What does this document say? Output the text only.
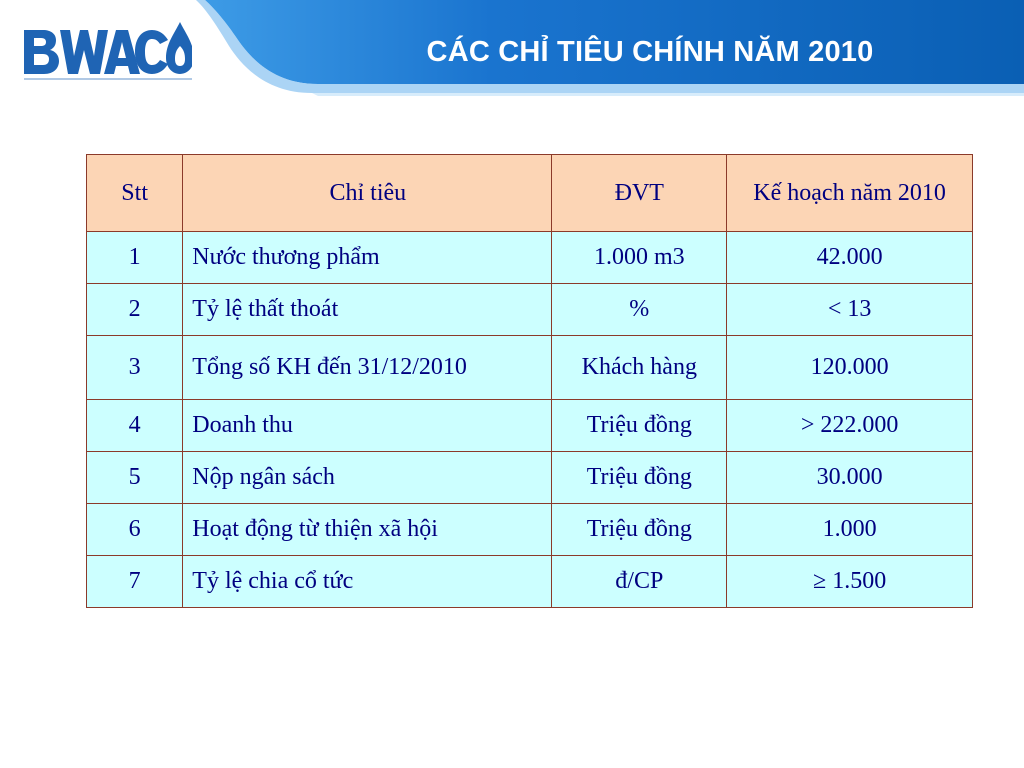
CÁC CHỈ TIÊU CHÍNH NĂM 2010
Stt	Chỉ tiêu	ĐVT	Kế hoạch năm 2010
1	Nước thương phẩm	1.000 m3	42.000
2	Tỷ lệ thất thoát	%	< 13
3	Tổng số KH đến 31/12/2010	Khách hàng	120.000
4	Doanh thu	Triệu đồng	> 222.000
5	Nộp ngân sách	Triệu đồng	30.000
6	Hoạt động từ thiện xã hội	Triệu đồng	1.000
7	Tỷ lệ chia cổ tức	đ/CP	≥ 1.500
